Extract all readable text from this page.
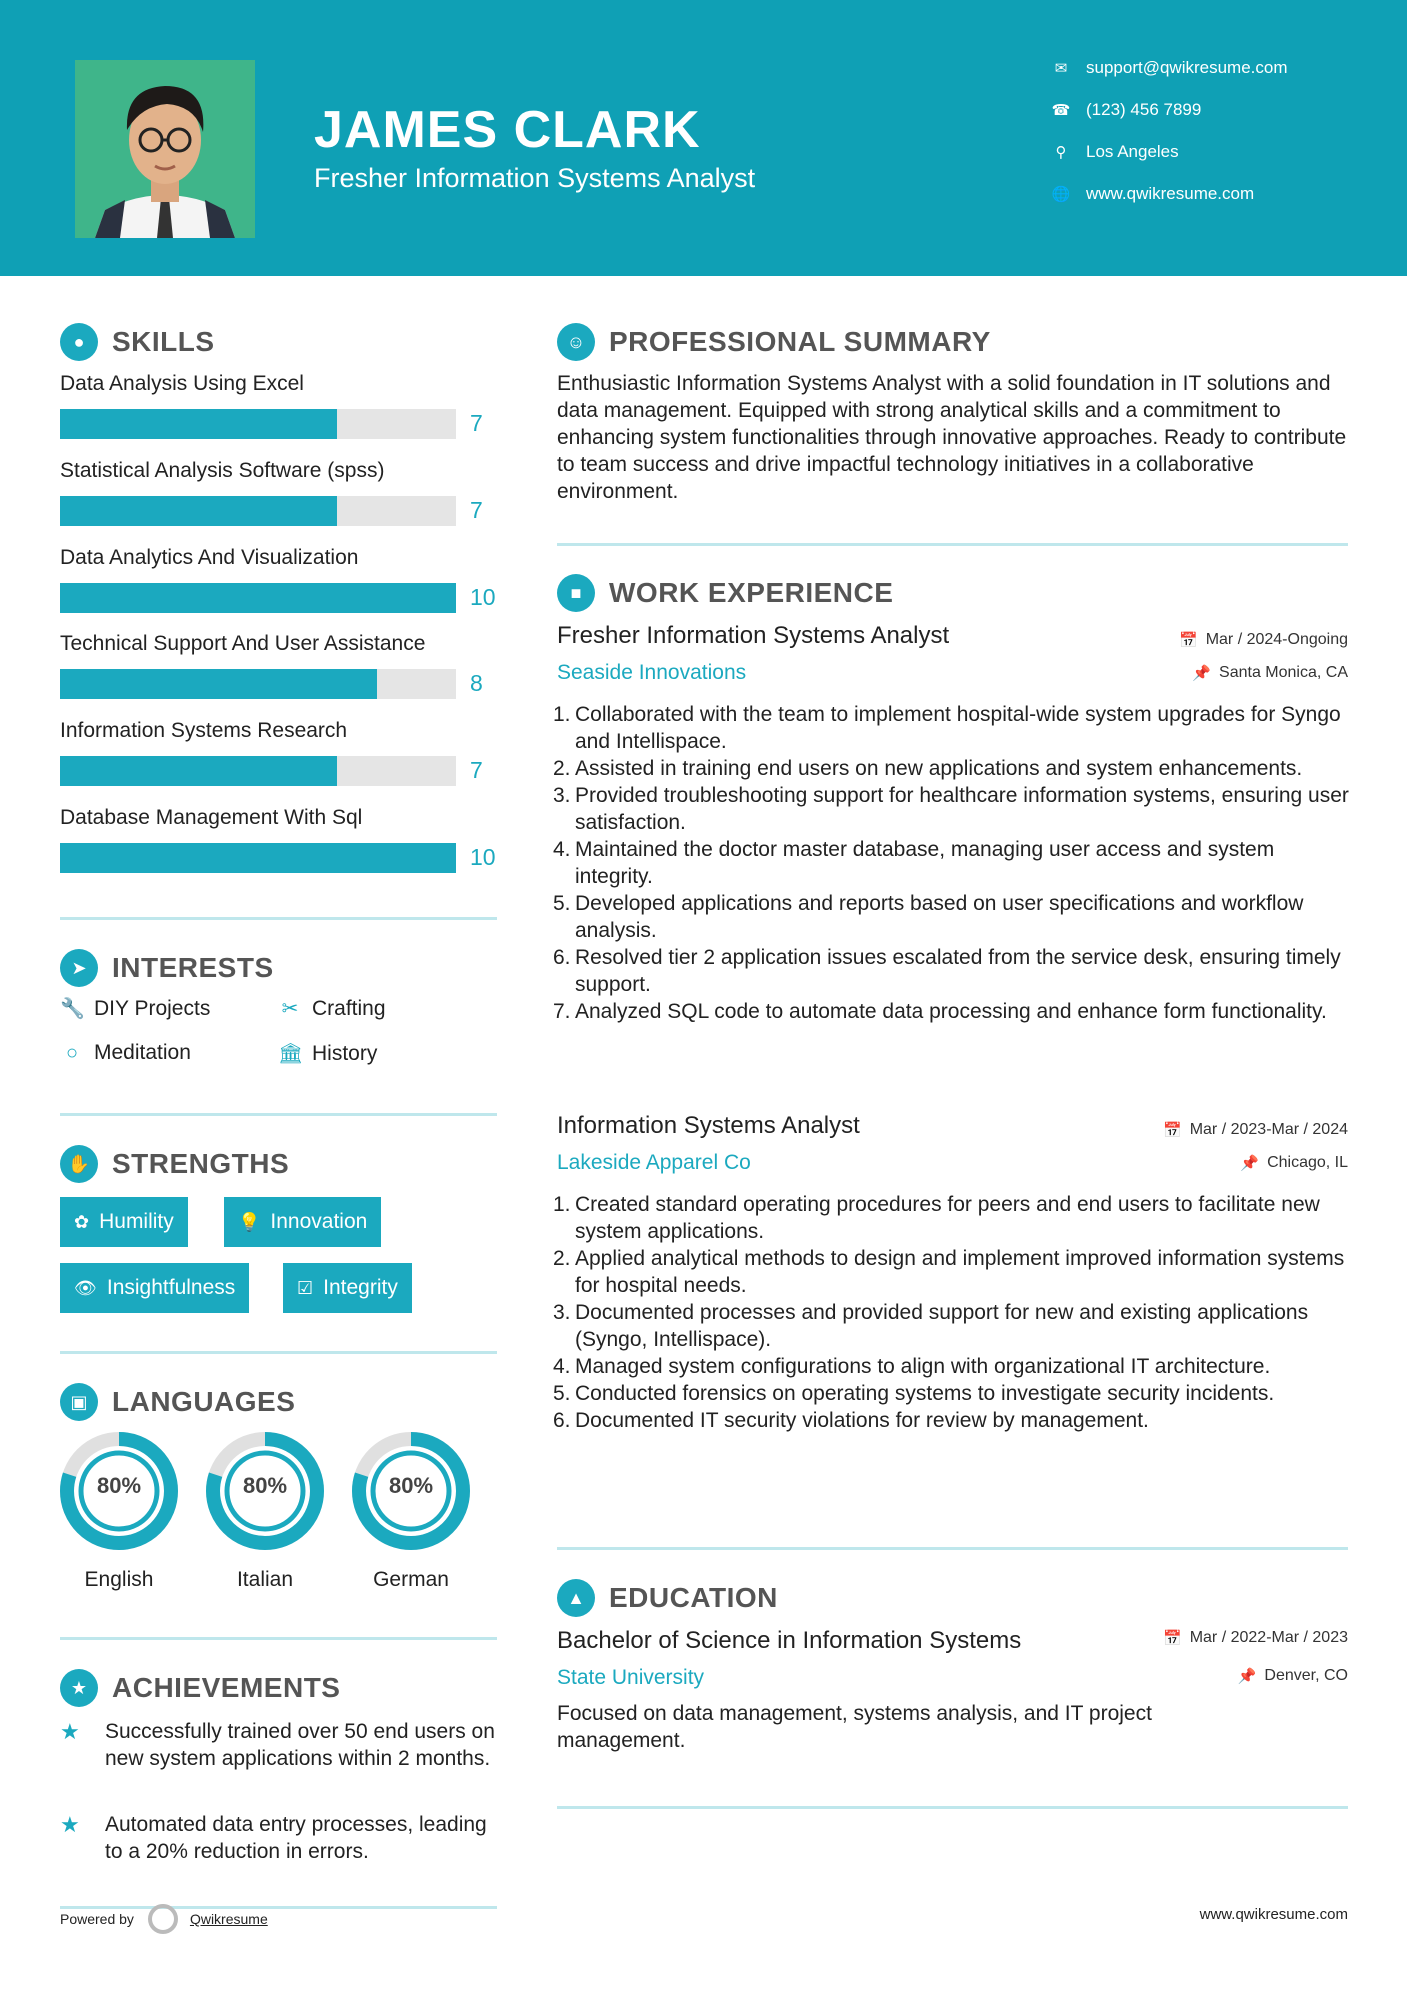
JAMES CLARK
Fresher Information Systems Analyst
✉ support@qwikresume.com
☎ (123) 456 7899
⚲	Los Angeles
🌐 www.qwikresume.com
● SKILLS
Data Analysis Using Excel
7
Statistical Analysis Software (spss)
7
Data Analytics And Visualization
10
Technical Support And User Assistance
8
Information Systems Research
7
Database Management With Sql
10
➤ INTERESTS
🔧 DIY Projects	✂ Crafting
○ Meditation	🏛 History
✋ STRENGTHS
✿ Humility	💡 Innovation
👁 Insightfulness	☑ Integrity
▣ LANGUAGES
80%
English
80%
Italian
80%
German
★ ACHIEVEMENTS
★	Successfully trained over 50 end users on new system applications within 2 months.
★	Automated data entry processes, leading to a 20% reduction in errors.
☺ PROFESSIONAL SUMMARY
Enthusiastic Information Systems Analyst with a solid foundation in IT solutions and data management. Equipped with strong analytical skills and a commitment to enhancing system functionalities through innovative approaches. Ready to contribute to team success and drive impactful technology initiatives in a collaborative environment.
■ WORK EXPERIENCE
Fresher Information Systems Analyst	📅 Mar / 2024-Ongoing
Seaside Innovations	📌 Santa Monica, CA
1. Collaborated with the team to implement hospital-wide system upgrades for Syngo and Intellispace.
2. Assisted in training end users on new applications and system enhancements.
3. Provided troubleshooting support for healthcare information systems, ensuring user satisfaction.
4. Maintained the doctor master database, managing user access and system integrity.
5. Developed applications and reports based on user specifications and workflow analysis.
6. Resolved tier 2 application issues escalated from the service desk, ensuring timely support.
7. Analyzed SQL code to automate data processing and enhance form functionality.
Information Systems Analyst	📅 Mar / 2023-Mar / 2024
Lakeside Apparel Co	📌 Chicago, IL
1. Created standard operating procedures for peers and end users to facilitate new system applications.
2. Applied analytical methods to design and implement improved information systems for hospital needs.
3. Documented processes and provided support for new and existing applications (Syngo, Intellispace).
4. Managed system configurations to align with organizational IT architecture.
5. Conducted forensics on operating systems to investigate security incidents.
6. Documented IT security violations for review by management.
▲ EDUCATION
Bachelor of Science in Information Systems	📅 Mar / 2022-Mar / 2023
State University	📌 Denver, CO
Focused on data management, systems analysis, and IT project management.
Powered by	Qwikresume	www.qwikresume.com
